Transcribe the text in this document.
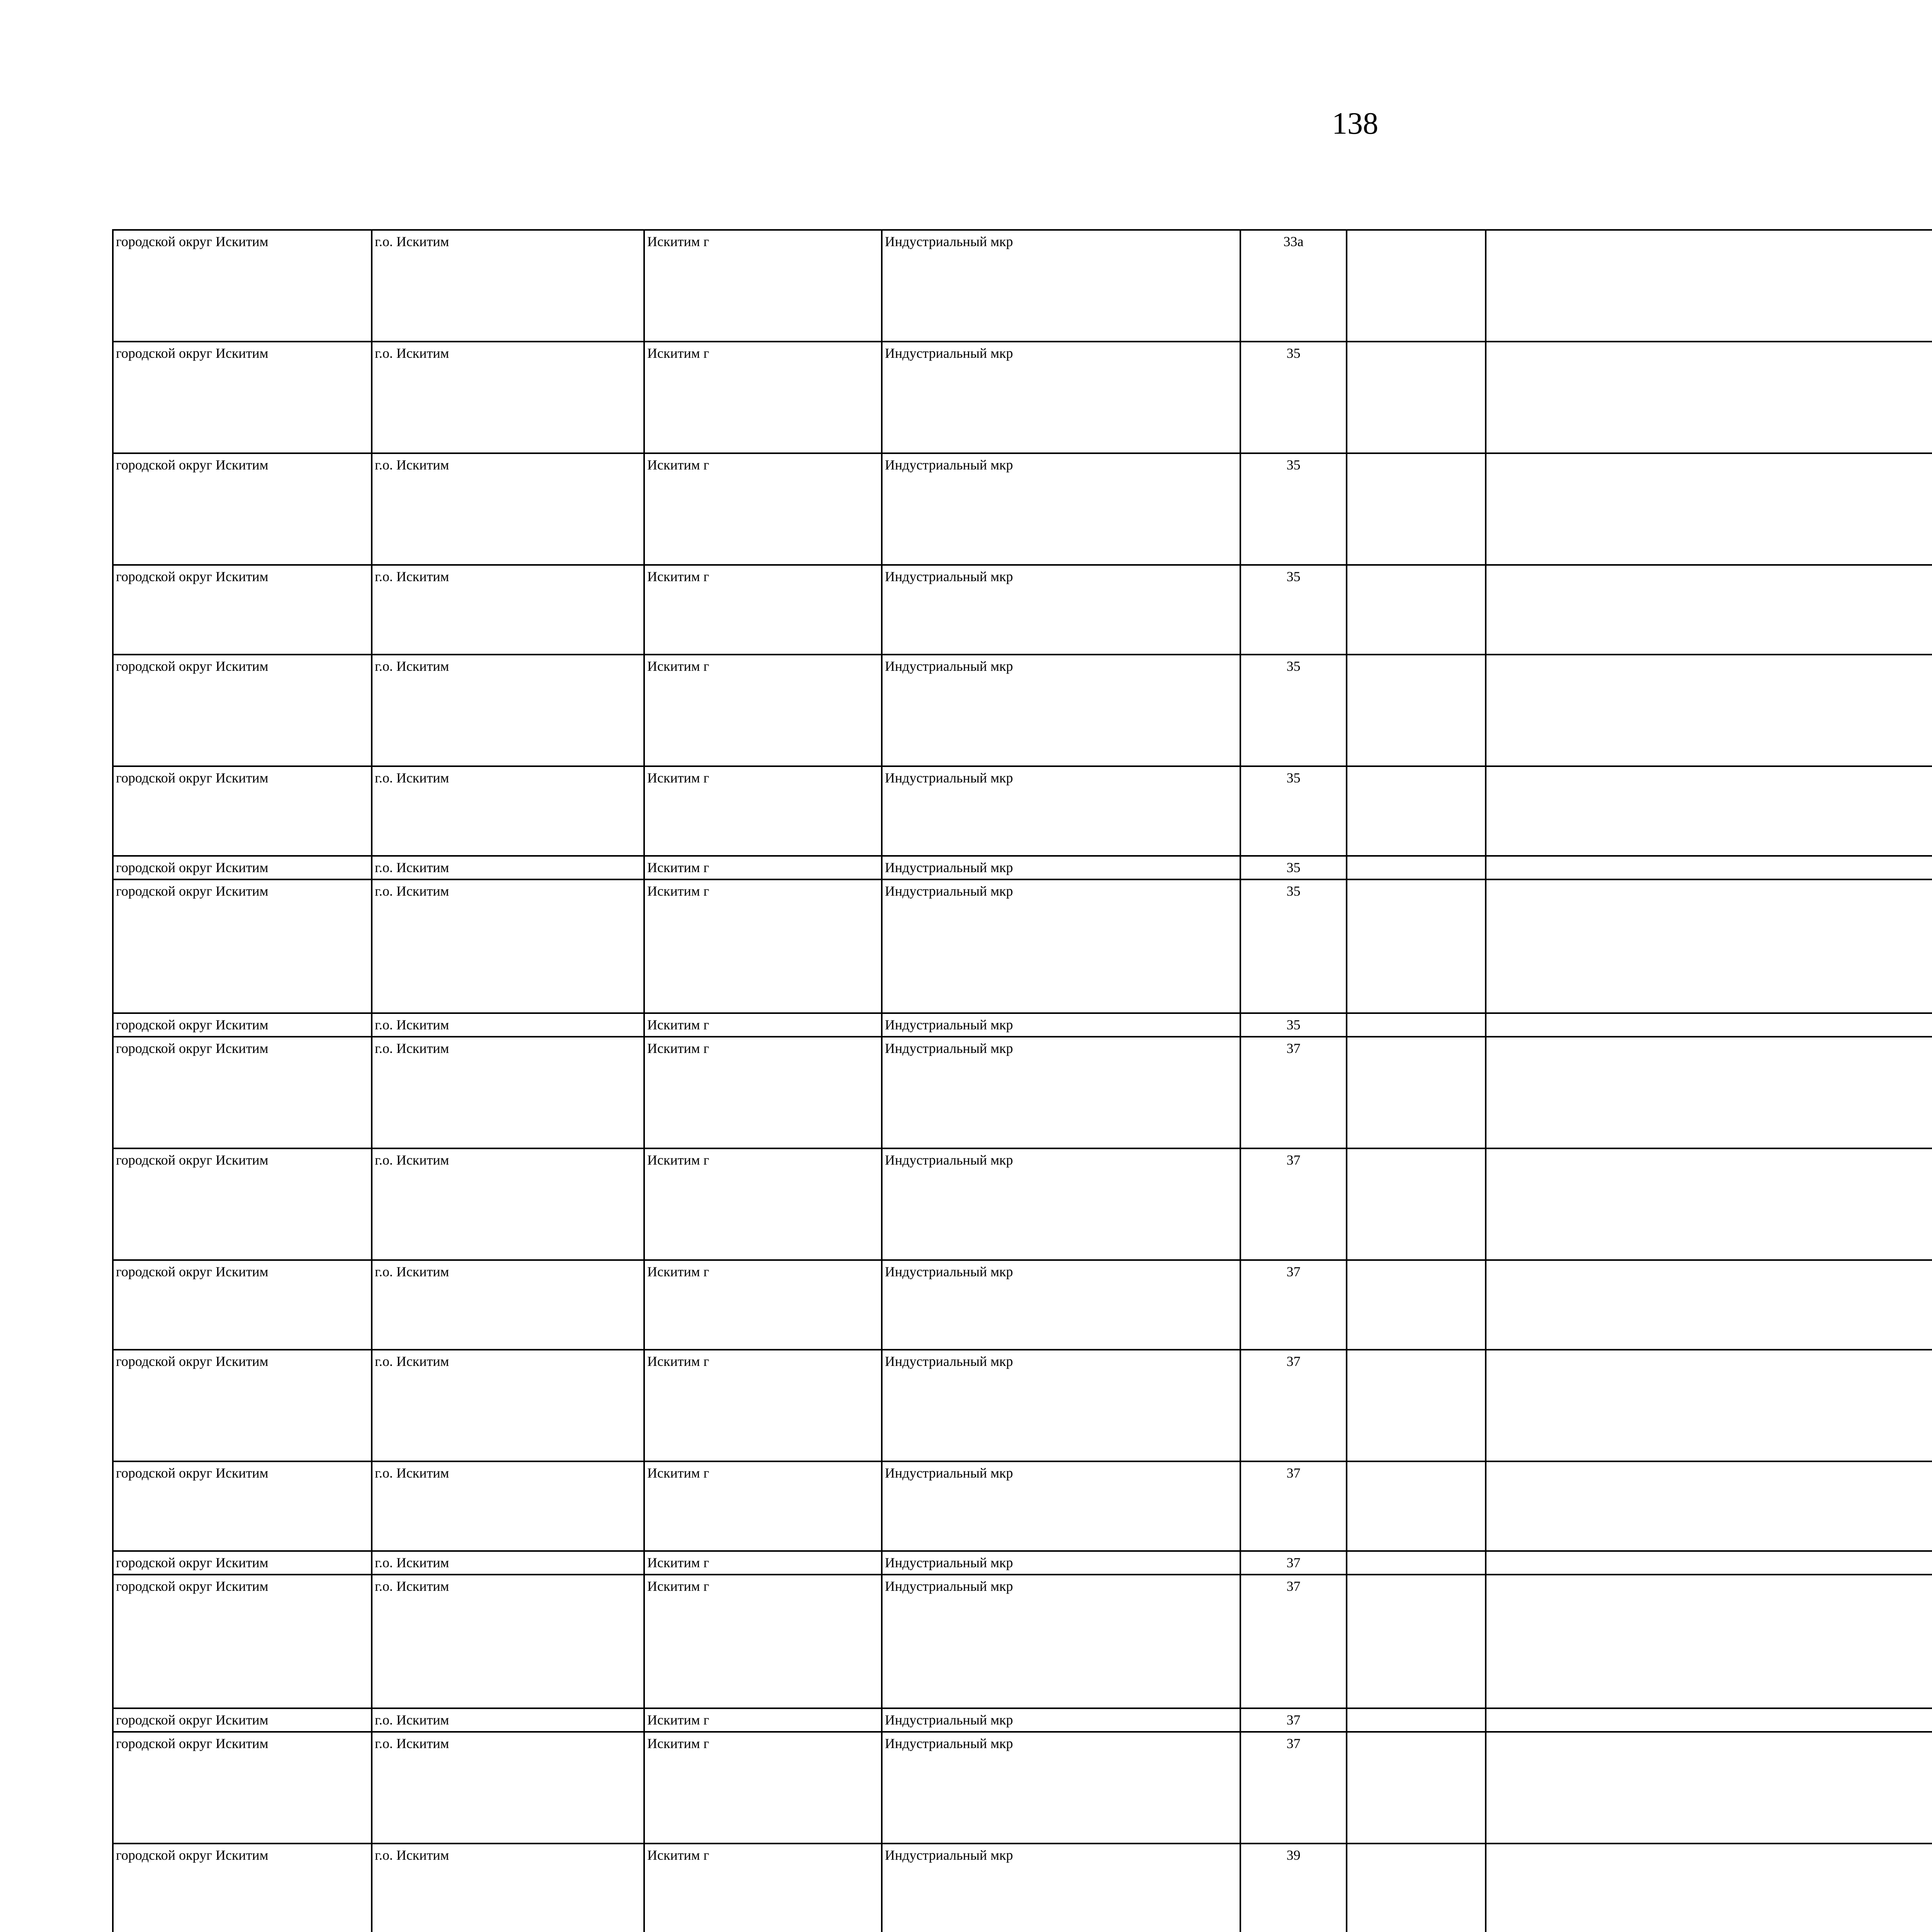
138
городской округ Искитим	г.о. Искитим	Искитим г	Индустриальный мкр	33а							
городской округ Искитим	г.о. Искитим	Искитим г	Индустриальный мкр	35							
городской округ Искитим	г.о. Искитим	Искитим г	Индустриальный мкр	35							
городской округ Искитим	г.о. Искитим	Искитим г	Индустриальный мкр	35							
городской округ Искитим	г.о. Искитим	Искитим г	Индустриальный мкр	35							
городской округ Искитим	г.о. Искитим	Искитим г	Индустриальный мкр	35							
городской округ Искитим	г.о. Искитим	Искитим г	Индустриальный мкр	35							
городской округ Искитим	г.о. Искитим	Искитим г	Индустриальный мкр	35							
городской округ Искитим	г.о. Искитим	Искитим г	Индустриальный мкр	35							
городской округ Искитим	г.о. Искитим	Искитим г	Индустриальный мкр	37							
городской округ Искитим	г.о. Искитим	Искитим г	Индустриальный мкр	37							
городской округ Искитим	г.о. Искитим	Искитим г	Индустриальный мкр	37							
городской округ Искитим	г.о. Искитим	Искитим г	Индустриальный мкр	37							
городской округ Искитим	г.о. Искитим	Искитим г	Индустриальный мкр	37							
городской округ Искитим	г.о. Искитим	Искитим г	Индустриальный мкр	37							
городской округ Искитим	г.о. Искитим	Искитим г	Индустриальный мкр	37							
городской округ Искитим	г.о. Искитим	Искитим г	Индустриальный мкр	37							
городской округ Искитим	г.о. Искитим	Искитим г	Индустриальный мкр	37							
городской округ Искитим	г.о. Искитим	Искитим г	Индустриальный мкр	39							
